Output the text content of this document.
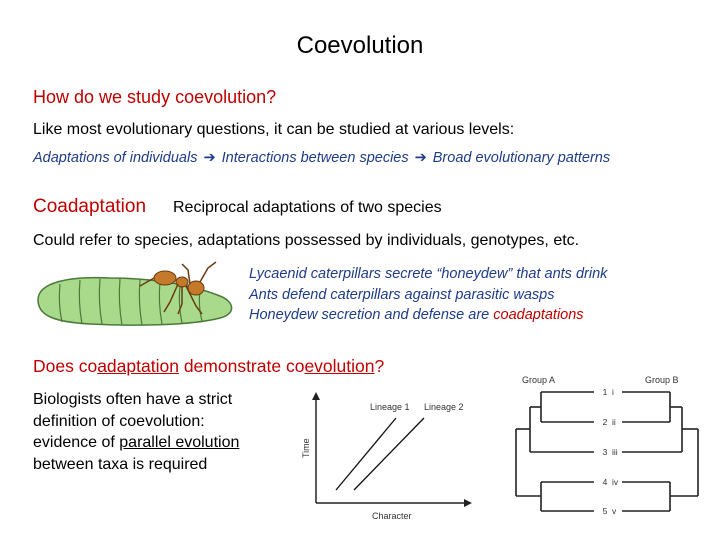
Coevolution
How do we study coevolution?
Like most evolutionary questions, it can be studied at various levels:
Adaptations of individuals ➔ Interactions between species ➔ Broad evolutionary patterns
Coadaptation Reciprocal adaptations of two species
Could refer to species, adaptations possessed by individuals, genotypes, etc.
Lycaenid caterpillars secrete “honeydew” that ants drink
Ants defend caterpillars against parasitic wasps
Honeydew secretion and defense are coadaptations
Does coadaptation demonstrate coevolution?
Biologists often have a strict definition of coevolution: evidence of parallel evolution between taxa is required
Lineage 1 Lineage 2
Time
Character
Group A	Group B
1
2
3
4
5
i
ii
iii
iv
v
